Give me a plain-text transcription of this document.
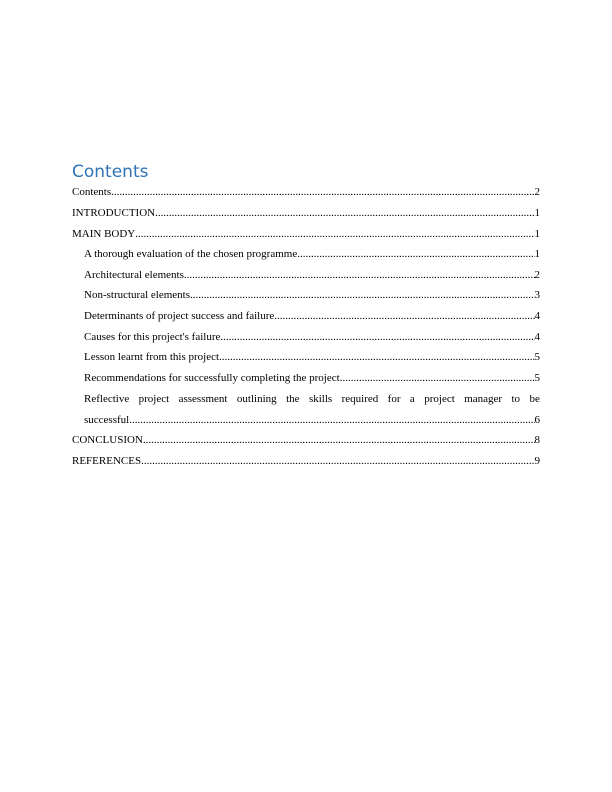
Contents
Contents .....	2
INTRODUCTION .....	1
MAIN BODY .....	1
A thorough evaluation of the chosen programme .....	1
Architectural elements .....	2
Non-structural elements .....	3
Determinants of project success and failure .....	4
Causes for this project's failure .....	4
Lesson learnt from this project .....	5
Recommendations for successfully completing the project .....	5
Reflective project assessment outlining the skills required for a project manager to be
successful .....	6
CONCLUSION .....	8
REFERENCES .....	9
